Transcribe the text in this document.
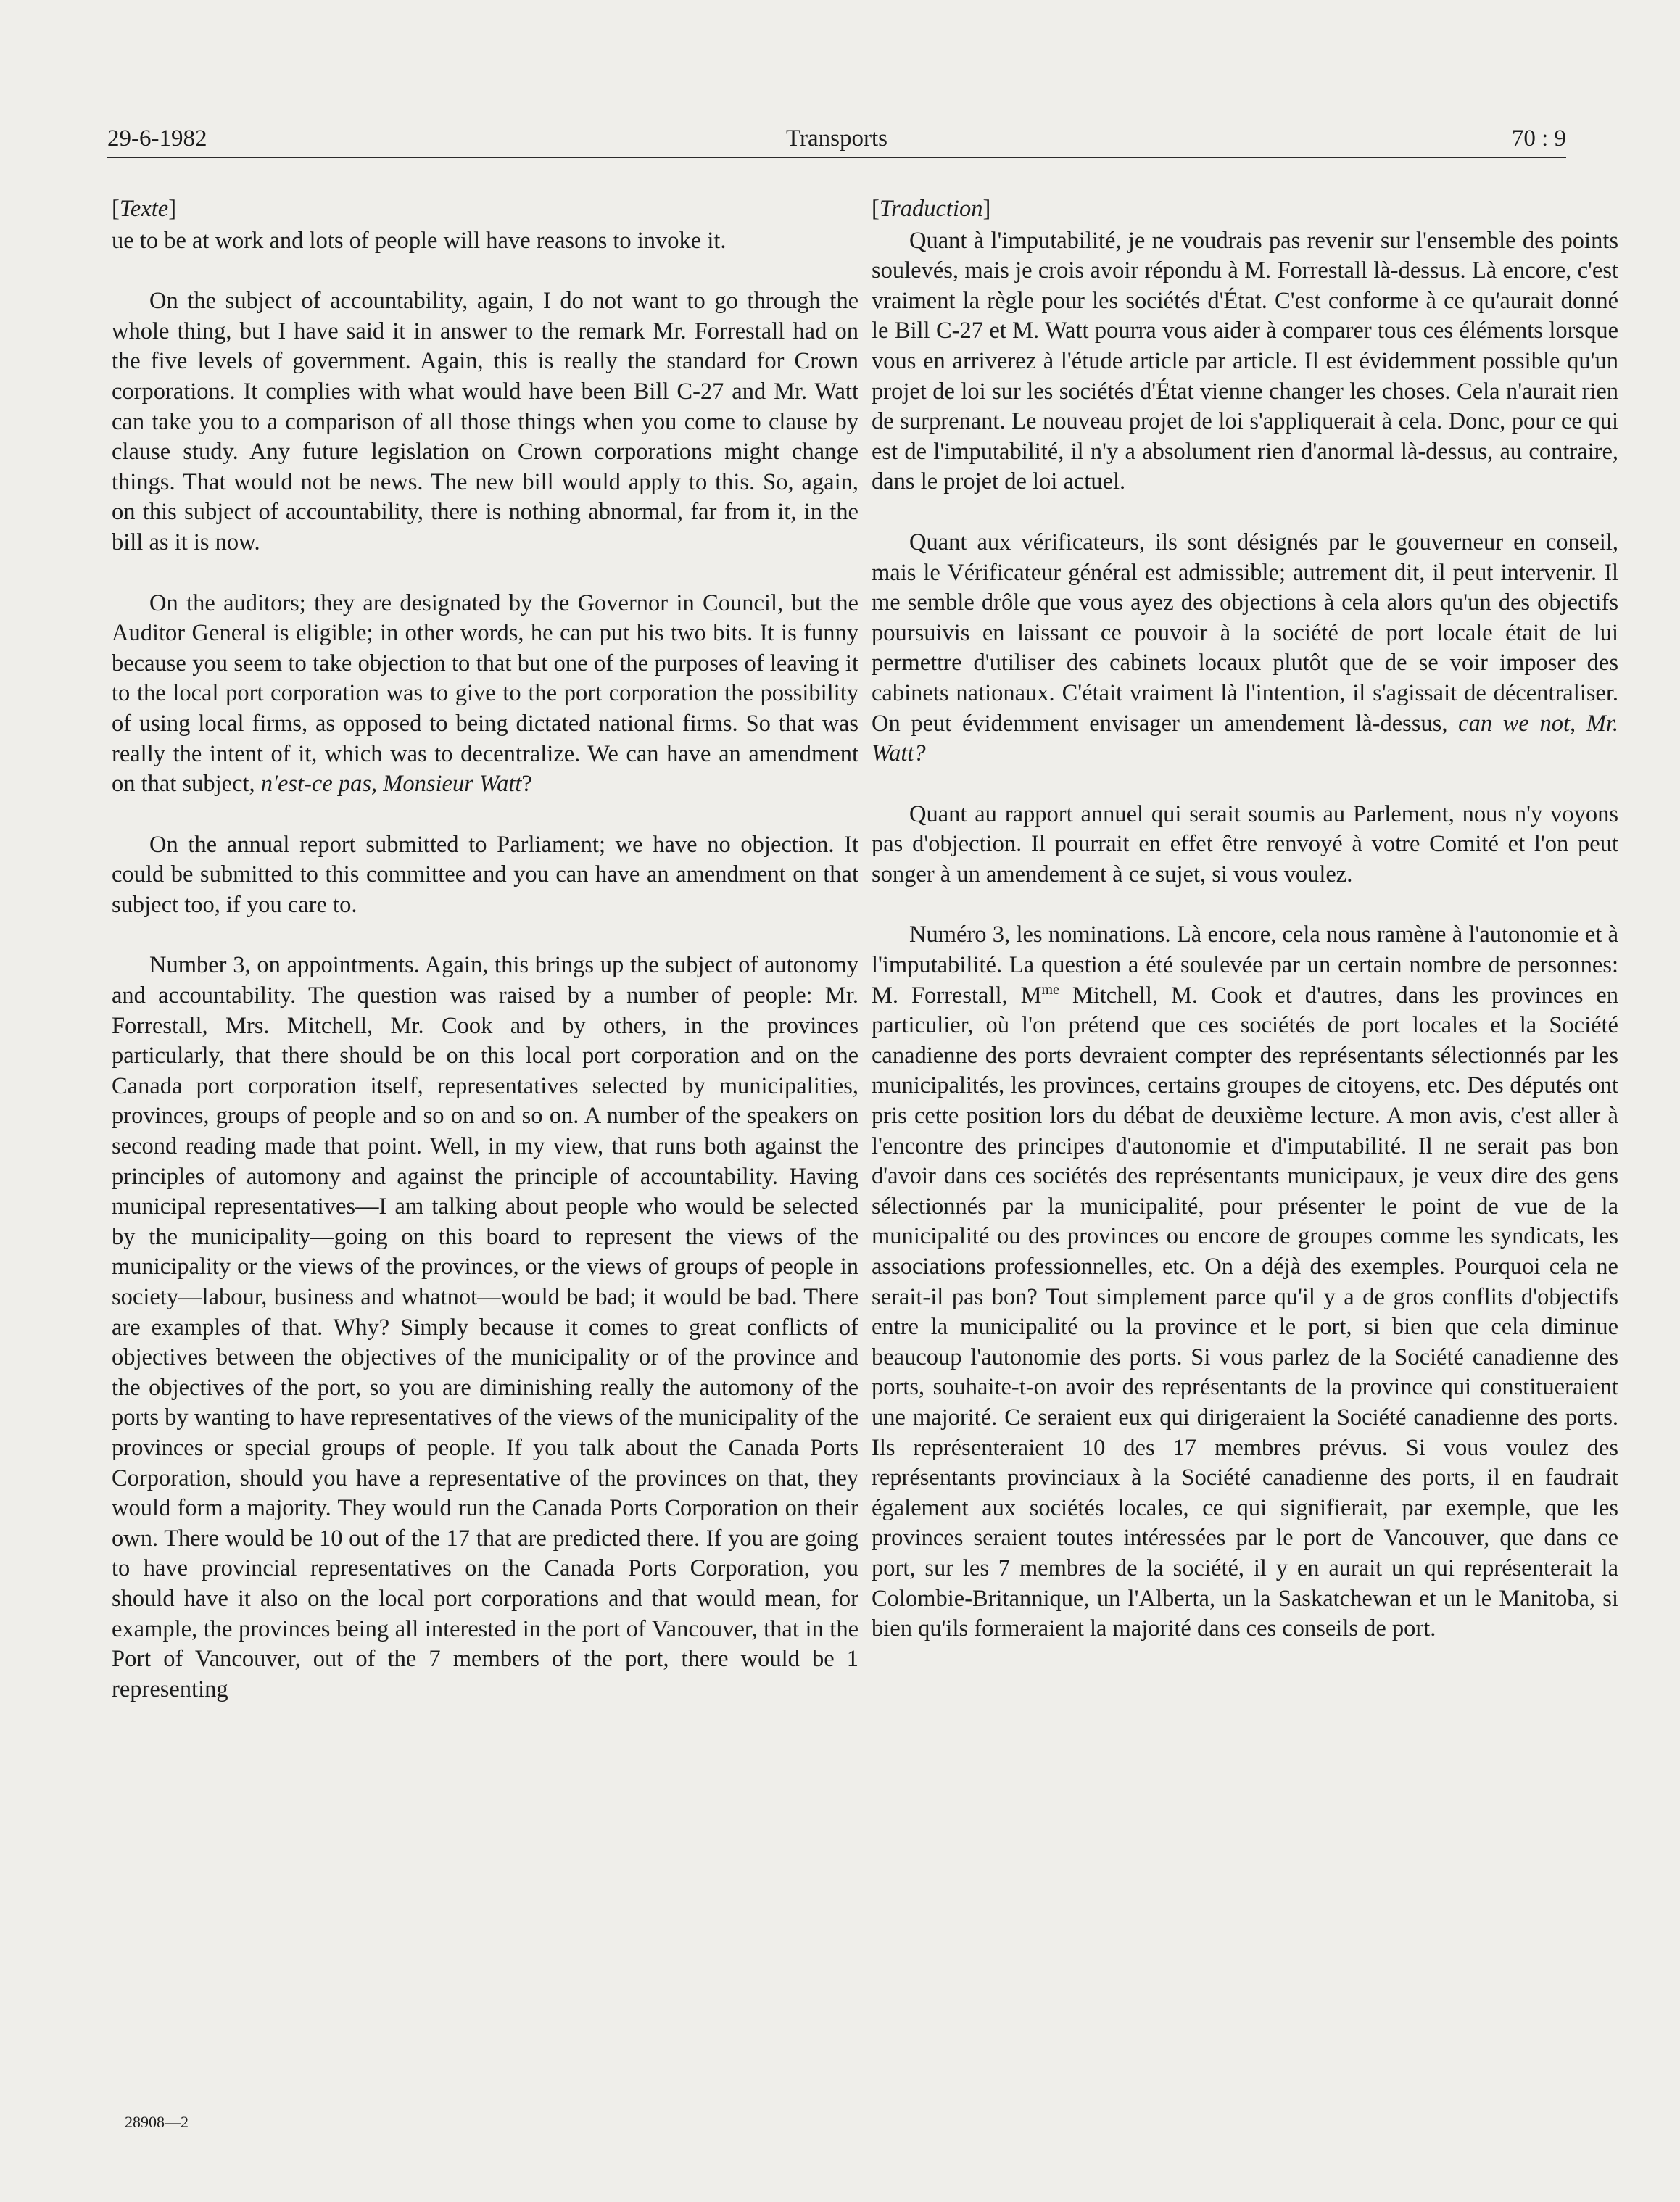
29-6-1982	Transports	70 : 9
[Texte]

ue to be at work and lots of people will have reasons to invoke it.

On the subject of accountability, again, I do not want to go through the whole thing, but I have said it in answer to the remark Mr. Forrestall had on the five levels of government. Again, this is really the standard for Crown corporations. It complies with what would have been Bill C-27 and Mr. Watt can take you to a comparison of all those things when you come to clause by clause study. Any future legislation on Crown corporations might change things. That would not be news. The new bill would apply to this. So, again, on this subject of accountability, there is nothing abnormal, far from it, in the bill as it is now.

On the auditors; they are designated by the Governor in Council, but the Auditor General is eligible; in other words, he can put his two bits. It is funny because you seem to take objection to that but one of the purposes of leaving it to the local port corporation was to give to the port corporation the possibility of using local firms, as opposed to being dictated national firms. So that was really the intent of it, which was to decentralize. We can have an amendment on that subject, n'est-ce pas, Monsieur Watt?

On the annual report submitted to Parliament; we have no objection. It could be submitted to this committee and you can have an amendment on that subject too, if you care to.

Number 3, on appointments. Again, this brings up the subject of autonomy and accountability. The question was raised by a number of people: Mr. Forrestall, Mrs. Mitchell, Mr. Cook and by others, in the provinces particularly, that there should be on this local port corporation and on the Canada port corporation itself, representatives selected by municipalities, provinces, groups of people and so on and so on. A number of the speakers on second reading made that point. Well, in my view, that runs both against the principles of automony and against the principle of accountability. Having municipal representatives—I am talking about people who would be selected by the municipality—going on this board to represent the views of the municipality or the views of the provinces, or the views of groups of people in society—labour, business and whatnot—would be bad; it would be bad. There are examples of that. Why? Simply because it comes to great conflicts of objectives between the objectives of the municipality or of the province and the objectives of the port, so you are diminishing really the automony of the ports by wanting to have representatives of the views of the municipality of the provinces or special groups of people. If you talk about the Canada Ports Corporation, should you have a representative of the provinces on that, they would form a majority. They would run the Canada Ports Corporation on their own. There would be 10 out of the 17 that are predicted there. If you are going to have provincial representatives on the Canada Ports Corporation, you should have it also on the local port corporations and that would mean, for example, the provinces being all interested in the port of Vancouver, that in the Port of Vancouver, out of the 7 members of the port, there would be 1 representing

[Traduction]

Quant à l'imputabilité, je ne voudrais pas revenir sur l'ensemble des points soulevés, mais je crois avoir répondu à M. Forrestall là-dessus. Là encore, c'est vraiment la règle pour les sociétés d'État. C'est conforme à ce qu'aurait donné le Bill C-27 et M. Watt pourra vous aider à comparer tous ces éléments lorsque vous en arriverez à l'étude article par article. Il est évidemment possible qu'un projet de loi sur les sociétés d'État vienne changer les choses. Cela n'aurait rien de surprenant. Le nouveau projet de loi s'appliquerait à cela. Donc, pour ce qui est de l'imputabilité, il n'y a absolument rien d'anormal là-dessus, au contraire, dans le projet de loi actuel.

Quant aux vérificateurs, ils sont désignés par le gouverneur en conseil, mais le Vérificateur général est admissible; autrement dit, il peut intervenir. Il me semble drôle que vous ayez des objections à cela alors qu'un des objectifs poursuivis en laissant ce pouvoir à la société de port locale était de lui permettre d'utiliser des cabinets locaux plutôt que de se voir imposer des cabinets nationaux. C'était vraiment là l'intention, il s'agissait de décentraliser. On peut évidemment envisager un amendement là-dessus, can we not, Mr. Watt?

Quant au rapport annuel qui serait soumis au Parlement, nous n'y voyons pas d'objection. Il pourrait en effet être renvoyé à votre Comité et l'on peut songer à un amendement à ce sujet, si vous voulez.

Numéro 3, les nominations. Là encore, cela nous ramène à l'autonomie et à l'imputabilité. La question a été soulevée par un certain nombre de personnes: M. Forrestall, $M^{me}$ Mitchell, M. Cook et d'autres, dans les provinces en particulier, où l'on prétend que ces sociétés de port locales et la Société canadienne des ports devraient compter des représentants sélectionnés par les municipalités, les provinces, certains groupes de citoyens, etc. Des députés ont pris cette position lors du débat de deuxième lecture. A mon avis, c'est aller à l'encontre des principes d'autonomie et d'imputabilité. Il ne serait pas bon d'avoir dans ces sociétés des représentants municipaux, je veux dire des gens sélectionnés par la municipalité, pour présenter le point de vue de la municipalité ou des provinces ou encore de groupes comme les syndicats, les associations professionnelles, etc. On a déjà des exemples. Pourquoi cela ne serait-il pas bon? Tout simplement parce qu'il y a de gros conflits d'objectifs entre la municipalité ou la province et le port, si bien que cela diminue beaucoup l'autonomie des ports. Si vous parlez de la Société canadienne des ports, souhaite-t-on avoir des représentants de la province qui constitueraient une majorité. Ce seraient eux qui dirigeraient la Société canadienne des ports. Ils représenteraient 10 des 17 membres prévus. Si vous voulez des représentants provinciaux à la Société canadienne des ports, il en faudrait également aux sociétés locales, ce qui signifierait, par exemple, que les provinces seraient toutes intéressées par le port de Vancouver, que dans ce port, sur les 7 membres de la société, il y en aurait un qui représenterait la Colombie-Britannique, un l'Alberta, un la Saskatchewan et un le Manitoba, si bien qu'ils formeraient la majorité dans ces conseils de port.

28908—2
